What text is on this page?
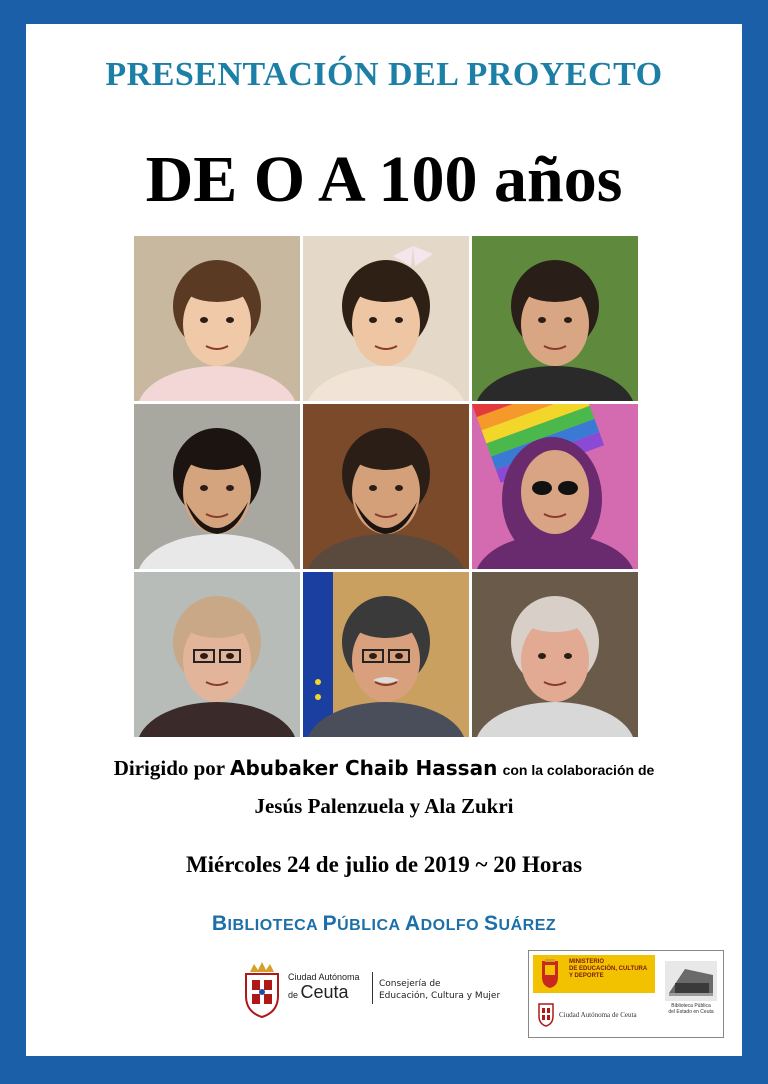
PRESENTACIÓN DEL PROYECTO
DE O A 100 años
Dirigido por Abubaker Chaib Hassan con la colaboración de
Jesús Palenzuela y Ala Zukri
Miércoles 24 de julio de 2019 ~ 20 Horas
BIBLIOTECA PÚBLICA ADOLFO SUÁREZ
Ciudad Autónoma
de Ceuta	Consejería de
Educación, Cultura y Mujer
MINISTERIO
DE EDUCACIÓN, CULTURA
Y DEPORTE
Ciudad Autónoma de Ceuta
Biblioteca Pública
del Estado en Ceuta
